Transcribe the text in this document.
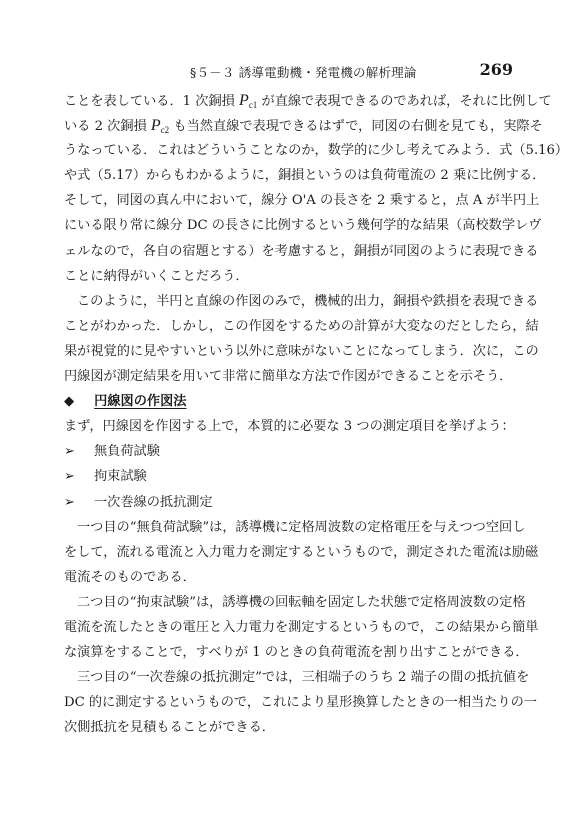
§５－３ 誘導電動機・発電機の解析理論	269
ことを表している．1 次銅損 Pc1 が直線で表現できるのであれば，それに比例して
いる 2 次銅損 Pc2 も当然直線で表現できるはずで，同図の右側を見ても，実際そ
うなっている．これはどういうことなのか，数学的に少し考えてみよう．式（5.16）
や式（5.17）からもわかるように，銅損というのは負荷電流の 2 乗に比例する．
そして，同図の真ん中において，線分 O'A の長さを 2 乗すると，点 A が半円上
にいる限り常に線分 DC の長さに比例するという幾何学的な結果（高校数学レヴ
ェルなので，各自の宿題とする）を考慮すると，銅損が同図のように表現できる
ことに納得がいくことだろう．
このように，半円と直線の作図のみで，機械的出力，銅損や鉄損を表現できる
ことがわかった．しかし，この作図をするための計算が大変なのだとしたら，結
果が視覚的に見やすいという以外に意味がないことになってしまう．次に，この
円線図が測定結果を用いて非常に簡単な方法で作図ができることを示そう．
◆ 円線図の作図法
まず，円線図を作図する上で，本質的に必要な 3 つの測定項目を挙げよう：
➢ 無負荷試験
➢ 拘束試験
➢ 一次巻線の抵抗測定
一つ目の“無負荷試験”は，誘導機に定格周波数の定格電圧を与えつつ空回し
をして，流れる電流と入力電力を測定するというもので，測定された電流は励磁
電流そのものである．
二つ目の“拘束試験”は，誘導機の回転軸を固定した状態で定格周波数の定格
電流を流したときの電圧と入力電力を測定するというもので，この結果から簡単
な演算をすることで，すべりが 1 のときの負荷電流を割り出すことができる．
三つ目の“一次巻線の抵抗測定”では，三相端子のうち 2 端子の間の抵抗値を
DC 的に測定するというもので，これにより星形換算したときの一相当たりの一
次側抵抗を見積もることができる．
